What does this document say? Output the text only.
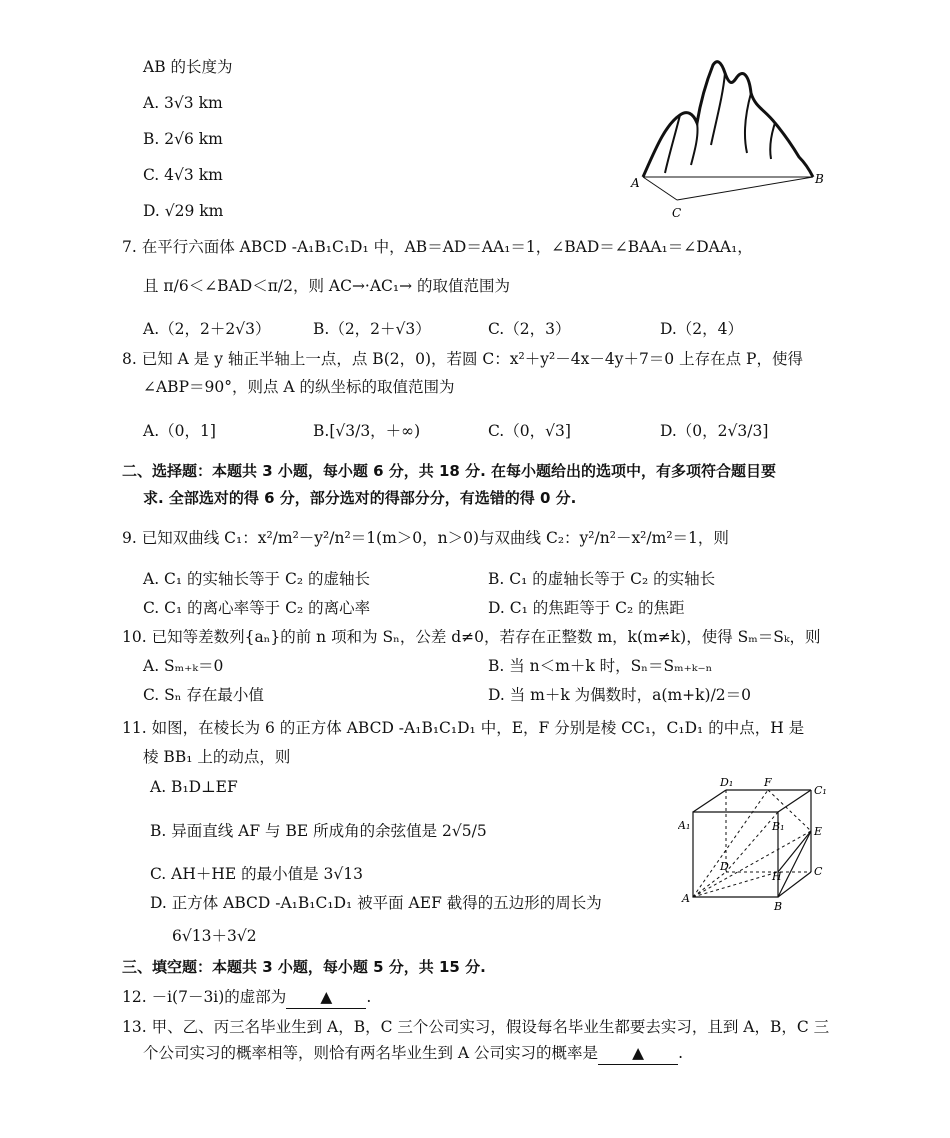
AB 的长度为
A. 3√3 km
B. 2√6 km
C. 4√3 km
D. √29 km
A	B
C
7. 在平行六面体 ABCD -A₁B₁C₁D₁ 中，AB＝AD＝AA₁＝1，∠BAD＝∠BAA₁＝∠DAA₁，
且 π/6＜∠BAD＜π/2，则 AC→·AC₁→ 的取值范围为
A.（2，2＋2√3）	B.（2，2＋√3）	C.（2，3）	D.（2，4）
8. 已知 A 是 y 轴正半轴上一点，点 B(2，0)，若圆 C：x²＋y²－4x－4y＋7＝0 上存在点 P，使得
∠ABP＝90°，则点 A 的纵坐标的取值范围为
A.（0，1]	B.[√3/3，＋∞)	C.（0，√3]	D.（0，2√3/3]
二、选择题：本题共 3 小题，每小题 6 分，共 18 分. 在每小题给出的选项中，有多项符合题目要
求. 全部选对的得 6 分，部分选对的得部分分，有选错的得 0 分.
9. 已知双曲线 C₁：x²/m²－y²/n²＝1(m＞0，n＞0)与双曲线 C₂：y²/n²－x²/m²＝1，则
A. C₁ 的实轴长等于 C₂ 的虚轴长	B. C₁ 的虚轴长等于 C₂ 的实轴长
C. C₁ 的离心率等于 C₂ 的离心率	D. C₁ 的焦距等于 C₂ 的焦距
10. 已知等差数列{aₙ}的前 n 项和为 Sₙ，公差 d≠0，若存在正整数 m，k(m≠k)，使得 Sₘ＝Sₖ，则
A. Sₘ₊ₖ＝0	B. 当 n＜m＋k 时，Sₙ＝Sₘ₊ₖ₋ₙ
C. Sₙ 存在最小值	D. 当 m＋k 为偶数时，a(m+k)/2＝0
11. 如图，在棱长为 6 的正方体 ABCD -A₁B₁C₁D₁ 中，E，F 分别是棱 CC₁，C₁D₁ 的中点，H 是
棱 BB₁ 上的动点，则
A. B₁D⊥EF
B. 异面直线 AF 与 BE 所成角的余弦值是 2√5/5
C. AH＋HE 的最小值是 3√13
D. 正方体 ABCD -A₁B₁C₁D₁ 被平面 AEF 截得的五边形的周长为
6√13＋3√2
D₁	F
C₁
A₁	B₁	E
D
H	C
A
B
三、填空题：本题共 3 小题，每小题 5 分，共 15 分.
12. －i(7－3i)的虚部为 ▲ .
13. 甲、乙、丙三名毕业生到 A，B，C 三个公司实习，假设每名毕业生都要去实习，且到 A，B，C 三
个公司实习的概率相等，则恰有两名毕业生到 A 公司实习的概率是 ▲ .
